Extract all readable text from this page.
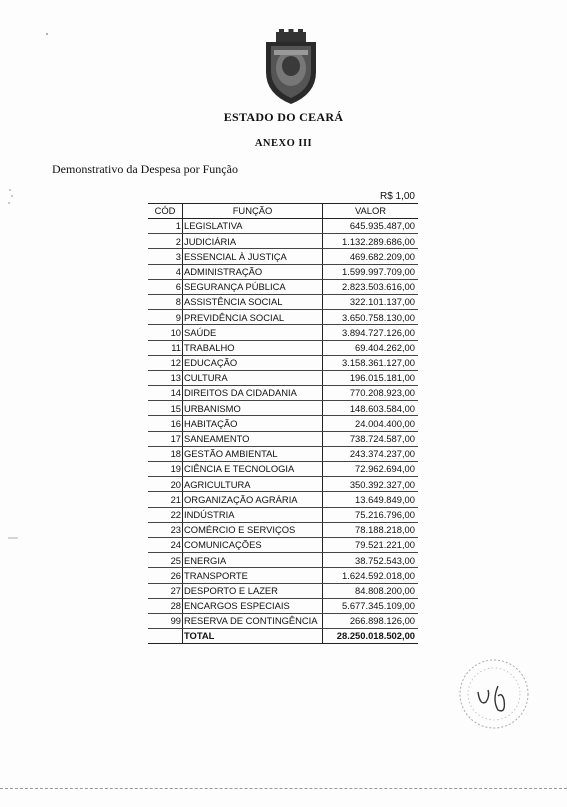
ESTADO DO CEARÁ
ANEXO III
Demonstrativo da Despesa por Função
R$ 1,00
CÓD	FUNÇÃO	VALOR
1	LEGISLATIVA	645.935.487,00
2	JUDICIÁRIA	1.132.289.686,00
3	ESSENCIAL À JUSTIÇA	469.682.209,00
4	ADMINISTRAÇÃO	1.599.997.709,00
6	SEGURANÇA PÚBLICA	2.823.503.616,00
8	ASSISTÊNCIA SOCIAL	322.101.137,00
9	PREVIDÊNCIA SOCIAL	3.650.758.130,00
10	SAÚDE	3.894.727.126,00
11	TRABALHO	69.404.262,00
12	EDUCAÇÃO	3.158.361.127,00
13	CULTURA	196.015.181,00
14	DIREITOS DA CIDADANIA	770.208.923,00
15	URBANISMO	148.603.584,00
16	HABITAÇÃO	24.004.400,00
17	SANEAMENTO	738.724.587,00
18	GESTÃO AMBIENTAL	243.374.237,00
19	CIÊNCIA E TECNOLOGIA	72.962.694,00
20	AGRICULTURA	350.392.327,00
21	ORGANIZAÇÃO AGRÁRIA	13.649.849,00
22	INDÚSTRIA	75.216.796,00
23	COMÉRCIO E SERVIÇOS	78.188.218,00
24	COMUNICAÇÕES	79.521.221,00
25	ENERGIA	38.752.543,00
26	TRANSPORTE	1.624.592.018,00
27	DESPORTO E LAZER	84.808.200,00
28	ENCARGOS ESPECIAIS	5.677.345.109,00
99	RESERVA DE CONTINGÊNCIA	266.898.126,00
	TOTAL	28.250.018.502,00
